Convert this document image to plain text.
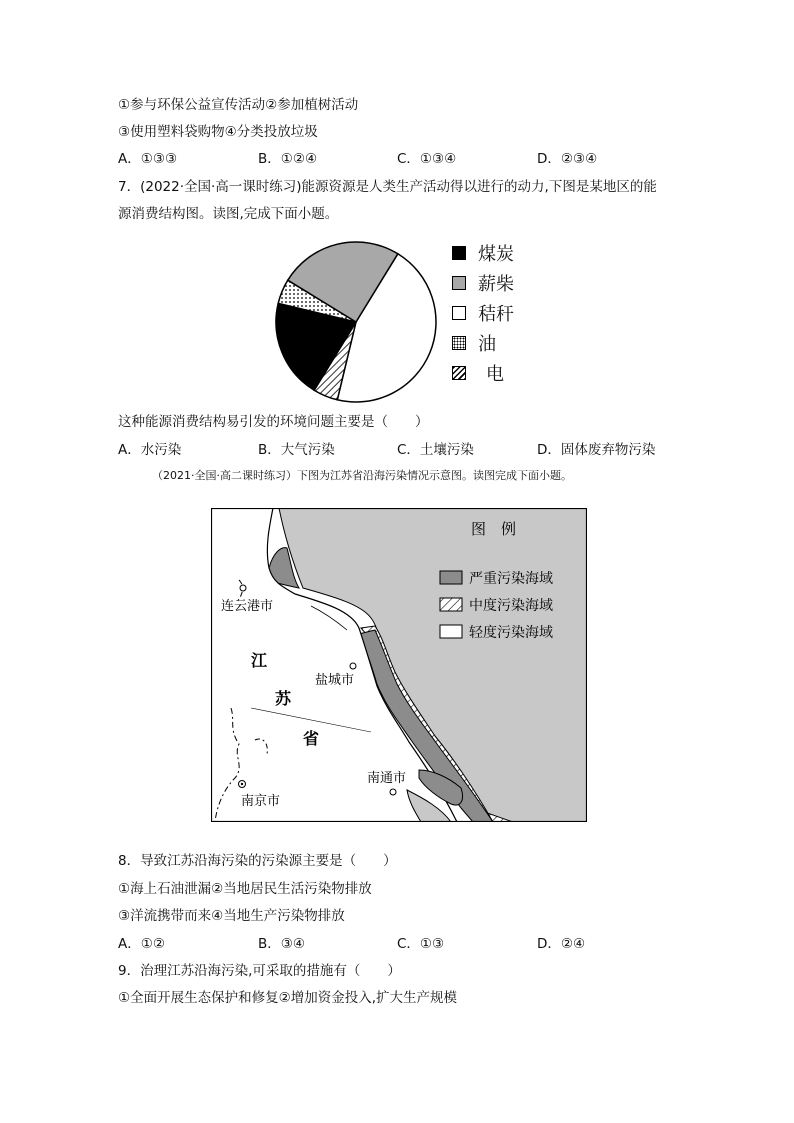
①参与环保公益宣传活动②参加植树活动
③使用塑料袋购物④分类投放垃圾
A．①③③	B．①②④	C．①③④	D．②③④
7．(2022·全国·高一课时练习)能源资源是人类生产活动得以进行的动力,下图是某地区的能
源消费结构图。读图,完成下面小题。
煤炭
薪柴
秸秆
油
电
这种能源消费结构易引发的环境问题主要是（　　）
A．水污染	B．大气污染	C．土壤污染	D．固体废弃物污染
（2021·全国·高二课时练习）下图为江苏省沿海污染情况示意图。读图完成下面小题。
连云港市
盐城市
南通市
南京市
江
苏
省
图　例
严重污染海域
中度污染海域
轻度污染海域
8．导致江苏沿海污染的污染源主要是（　　）
①海上石油泄漏②当地居民生活污染物排放
③洋流携带而来④当地生产污染物排放
A．①②	B．③④	C．①③	D．②④
9．治理江苏沿海污染,可采取的措施有（　　）
①全面开展生态保护和修复②增加资金投入,扩大生产规模
